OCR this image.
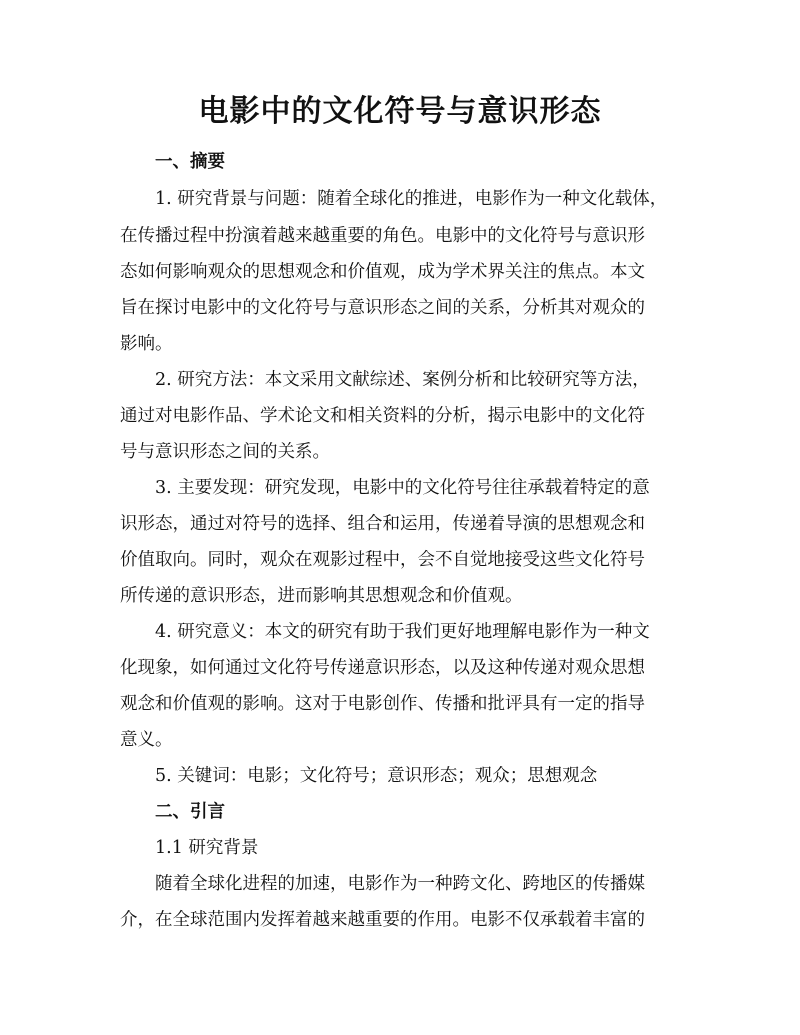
电影中的文化符号与意识形态
一、摘要
1. 研究背景与问题：随着全球化的推进，电影作为一种文化载体，
在传播过程中扮演着越来越重要的角色。电影中的文化符号与意识形
态如何影响观众的思想观念和价值观，成为学术界关注的焦点。本文
旨在探讨电影中的文化符号与意识形态之间的关系，分析其对观众的
影响。
2. 研究方法：本文采用文献综述、案例分析和比较研究等方法，
通过对电影作品、学术论文和相关资料的分析，揭示电影中的文化符
号与意识形态之间的关系。
3. 主要发现：研究发现，电影中的文化符号往往承载着特定的意
识形态，通过对符号的选择、组合和运用，传递着导演的思想观念和
价值取向。同时，观众在观影过程中，会不自觉地接受这些文化符号
所传递的意识形态，进而影响其思想观念和价值观。
4. 研究意义：本文的研究有助于我们更好地理解电影作为一种文
化现象，如何通过文化符号传递意识形态，以及这种传递对观众思想
观念和价值观的影响。这对于电影创作、传播和批评具有一定的指导
意义。
5. 关键词：电影；文化符号；意识形态；观众；思想观念
二、引言
1.1 研究背景
随着全球化进程的加速，电影作为一种跨文化、跨地区的传播媒
介，在全球范围内发挥着越来越重要的作用。电影不仅承载着丰富的
